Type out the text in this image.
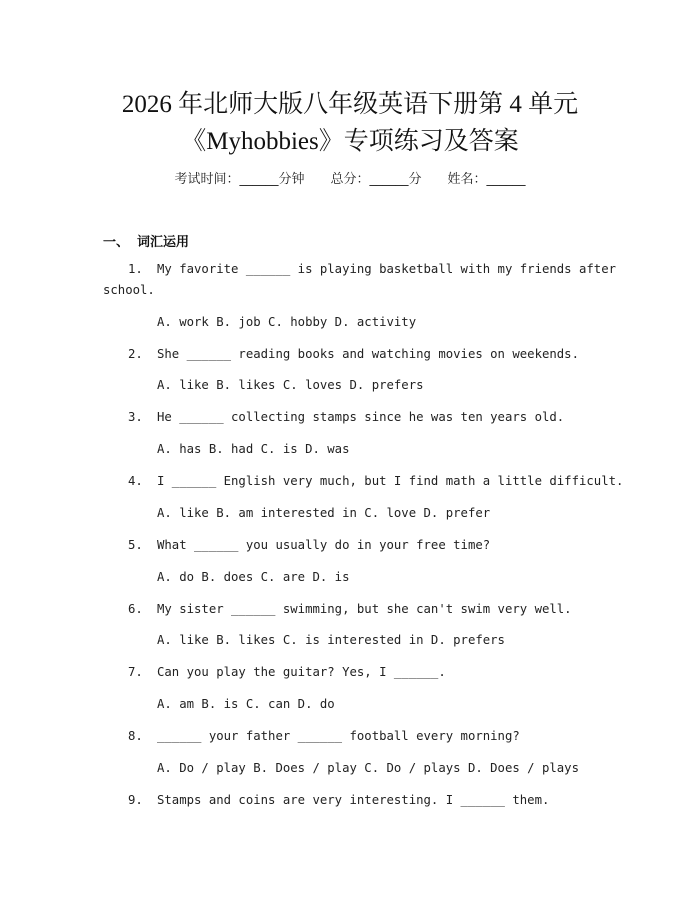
2026 年北师大版八年级英语下册第 4 单元
《Myhobbies》专项练习及答案
考试时间：______分钟 总分：______分 姓名：______
一、 词汇运用
1. My favorite ______ is playing basketball with my friends after
school.
A. work B. job C. hobby D. activity
2. She ______ reading books and watching movies on weekends.
A. like B. likes C. loves D. prefers
3. He ______ collecting stamps since he was ten years old.
A. has B. had C. is D. was
4. I ______ English very much, but I find math a little difficult.
A. like B. am interested in C. love D. prefer
5. What ______ you usually do in your free time?
A. do B. does C. are D. is
6. My sister ______ swimming, but she can't swim very well.
A. like B. likes C. is interested in D. prefers
7. Can you play the guitar? Yes, I ______.
A. am B. is C. can D. do
8. ______ your father ______ football every morning?
A. Do / play B. Does / play C. Do / plays D. Does / plays
9. Stamps and coins are very interesting. I ______ them.
